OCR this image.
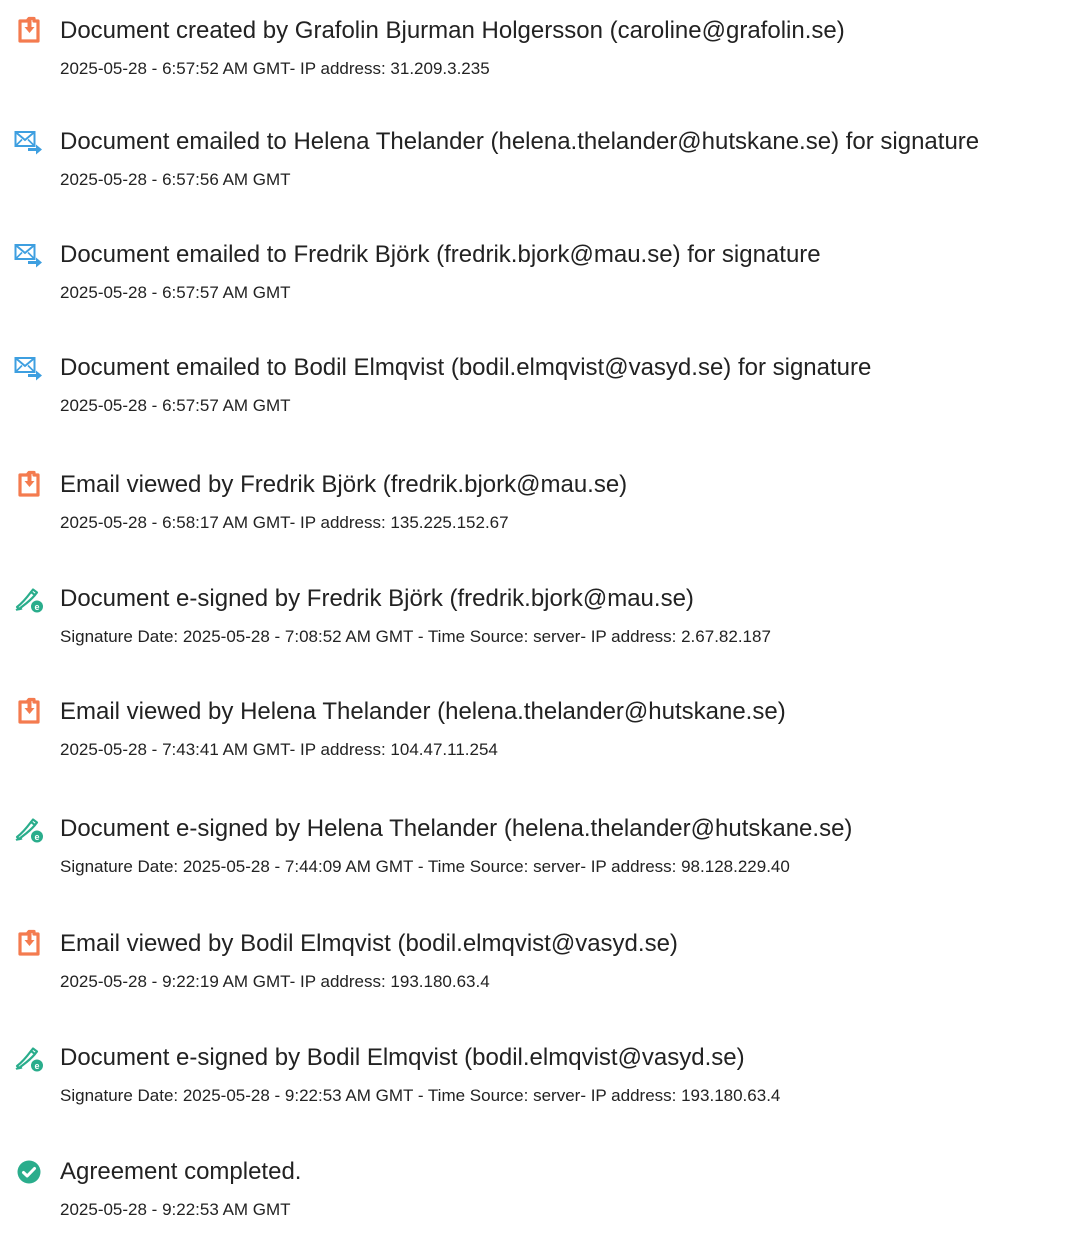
Document created by Grafolin Bjurman Holgersson (caroline@grafolin.se)
2025-05-28 - 6:57:52 AM GMT- IP address: 31.209.3.235
Document emailed to Helena Thelander (helena.thelander@hutskane.se) for signature
2025-05-28 - 6:57:56 AM GMT
Document emailed to Fredrik Björk (fredrik.bjork@mau.se) for signature
2025-05-28 - 6:57:57 AM GMT
Document emailed to Bodil Elmqvist (bodil.elmqvist@vasyd.se) for signature
2025-05-28 - 6:57:57 AM GMT
Email viewed by Fredrik Björk (fredrik.bjork@mau.se)
2025-05-28 - 6:58:17 AM GMT- IP address: 135.225.152.67
e Document e-signed by Fredrik Björk (fredrik.bjork@mau.se)
Signature Date: 2025-05-28 - 7:08:52 AM GMT - Time Source: server- IP address: 2.67.82.187
Email viewed by Helena Thelander (helena.thelander@hutskane.se)
2025-05-28 - 7:43:41 AM GMT- IP address: 104.47.11.254
e Document e-signed by Helena Thelander (helena.thelander@hutskane.se)
Signature Date: 2025-05-28 - 7:44:09 AM GMT - Time Source: server- IP address: 98.128.229.40
Email viewed by Bodil Elmqvist (bodil.elmqvist@vasyd.se)
2025-05-28 - 9:22:19 AM GMT- IP address: 193.180.63.4
e Document e-signed by Bodil Elmqvist (bodil.elmqvist@vasyd.se)
Signature Date: 2025-05-28 - 9:22:53 AM GMT - Time Source: server- IP address: 193.180.63.4
Agreement completed.
2025-05-28 - 9:22:53 AM GMT
